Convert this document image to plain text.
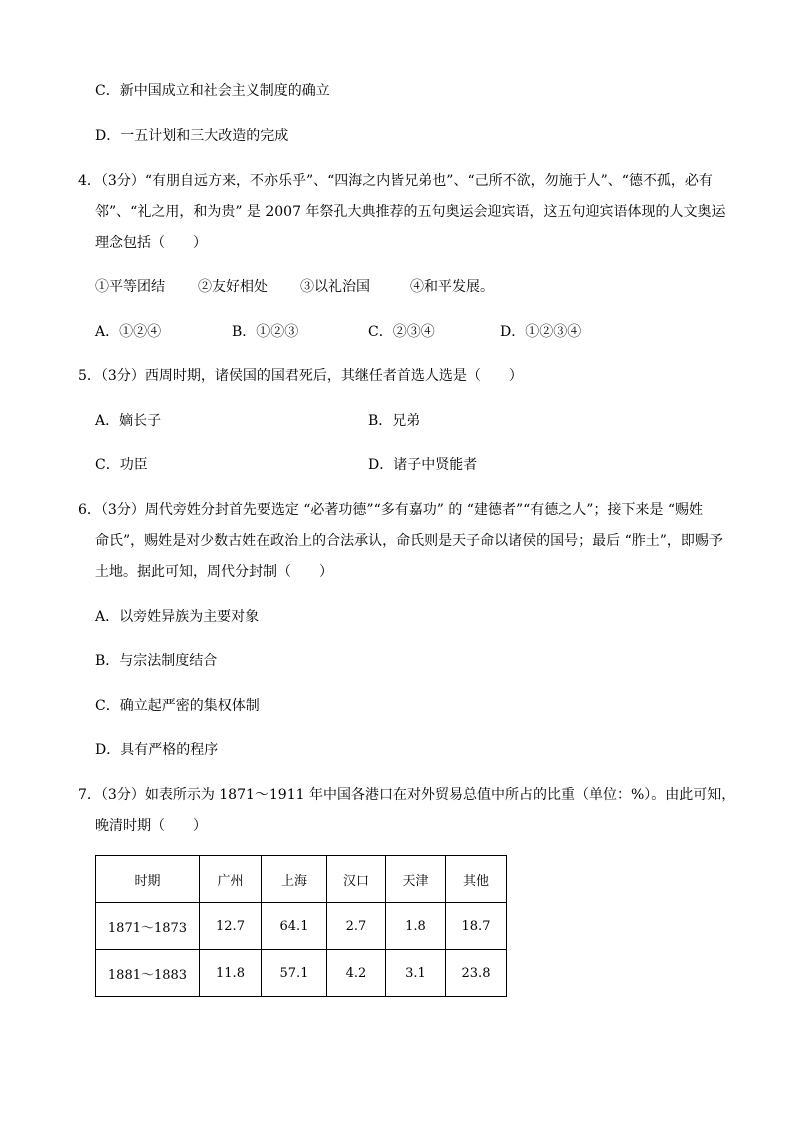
C．新中国成立和社会主义制度的确立
D．一五计划和三大改造的完成
4．（3分）“有朋自远方来，不亦乐乎”、“四海之内皆兄弟也”、“己所不欲，勿施于人”、“德不孤，必有
邻”、“礼之用，和为贵” 是 2007 年祭孔大典推荐的五句奥运会迎宾语，这五句迎宾语体现的人文奥运
理念包括（　　）
①平等团结 ②友好相处 ③以礼治国	④和平发展。
A．①②④	B．①②③	C．②③④	D．①②③④
5．（3分）西周时期，诸侯国的国君死后，其继任者首选人选是（　　）
A．嫡长子	B．兄弟
C．功臣	D．诸子中贤能者
6．（3分）周代旁姓分封首先要选定 “必著功德”“多有嘉功” 的 “建德者”“有德之人”；接下来是 “赐姓
命氏”，赐姓是对少数古姓在政治上的合法承认，命氏则是天子命以诸侯的国号；最后 “胙土”，即赐予
土地。据此可知，周代分封制（　　）
A．以旁姓异族为主要对象
B．与宗法制度结合
C．确立起严密的集权体制
D．具有严格的程序
7．（3分）如表所示为 1871～1911 年中国各港口在对外贸易总值中所占的比重（单位：%）。由此可知，
晚清时期（　　）
时期	广州	上海	汉口	天津	其他
1871～1873	12.7	64.1	2.7	1.8	18.7
1881～1883	11.8	57.1	4.2	3.1	23.8
